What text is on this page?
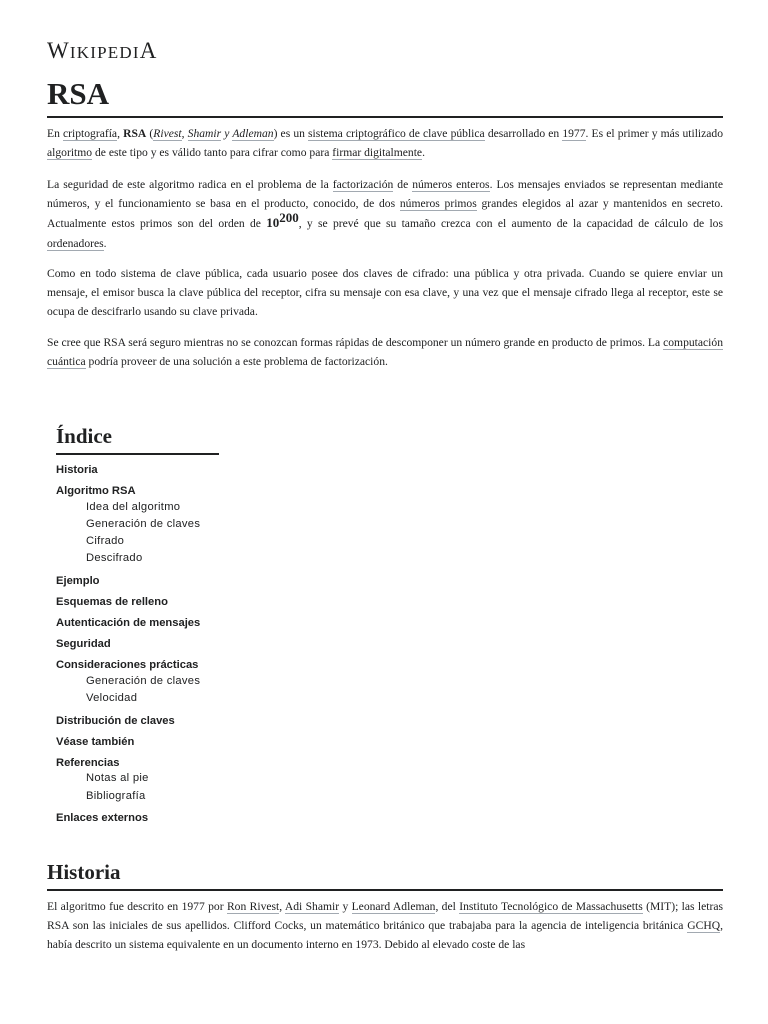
WIKIPEDIA
RSA

En criptografía, RSA (Rivest, Shamir y Adleman) es un sistema criptográfico de clave pública desarrollado en 1977. Es el primer y más utilizado algoritmo de este tipo y es válido tanto para cifrar como para firmar digitalmente.

La seguridad de este algoritmo radica en el problema de la factorización de números enteros. Los mensajes enviados se representan mediante números, y el funcionamiento se basa en el producto, conocido, de dos números primos grandes elegidos al azar y mantenidos en secreto. Actualmente estos primos son del orden de $10^{200}$, y se prevé que su tamaño crezca con el aumento de la capacidad de cálculo de los ordenadores.

Como en todo sistema de clave pública, cada usuario posee dos claves de cifrado: una pública y otra privada. Cuando se quiere enviar un mensaje, el emisor busca la clave pública del receptor, cifra su mensaje con esa clave, y una vez que el mensaje cifrado llega al receptor, este se ocupa de descifrarlo usando su clave privada.

Se cree que RSA será seguro mientras no se conozcan formas rápidas de descomponer un número grande en producto de primos. La computación cuántica podría proveer de una solución a este problema de factorización.

Índice
Historia
Algoritmo RSA
Idea del algoritmo
Generación de claves
Cifrado
Descifrado
Ejemplo
Esquemas de relleno
Autenticación de mensajes
Seguridad
Consideraciones prácticas
Generación de claves
Velocidad
Distribución de claves
Véase también
Referencias
Notas al pie
Bibliografía
Enlaces externos
Historia

El algoritmo fue descrito en 1977 por Ron Rivest, Adi Shamir y Leonard Adleman, del Instituto Tecnológico de Massachusetts (MIT); las letras RSA son las iniciales de sus apellidos. Clifford Cocks, un matemático británico que trabajaba para la agencia de inteligencia británica GCHQ, había descrito un sistema equivalente en un documento interno en 1973. Debido al elevado coste de las
